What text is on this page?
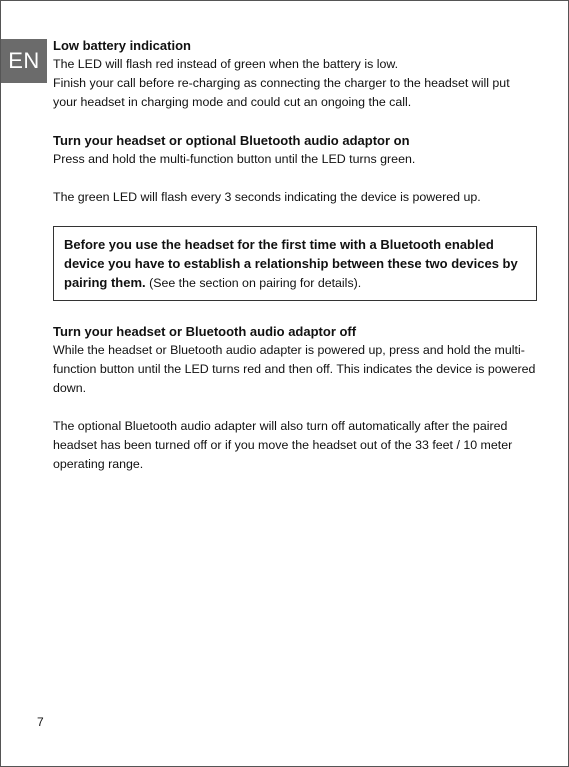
EN

Low battery indication

The LED will flash red instead of green when the battery is low.

Finish your call before re-charging as connecting the charger to the headset will put your headset in charging mode and could cut an ongoing the call.

Turn your headset or optional Bluetooth audio adaptor on

Press and hold the multi-function button until the LED turns green.

The green LED will flash every 3 seconds indicating the device is powered up.

Before you use the headset for the first time with a Bluetooth enabled device you have to establish a relationship between these two devices by pairing them. (See the section on pairing for details).

Turn your headset or Bluetooth audio adaptor off

While the headset or Bluetooth audio adapter is powered up, press and hold the multi-function button until the LED turns red and then off. This indicates the device is powered down.

The optional Bluetooth audio adapter will also turn off automatically after the paired headset has been turned off or if you move the headset out of the 33 feet / 10 meter operating range.

7
